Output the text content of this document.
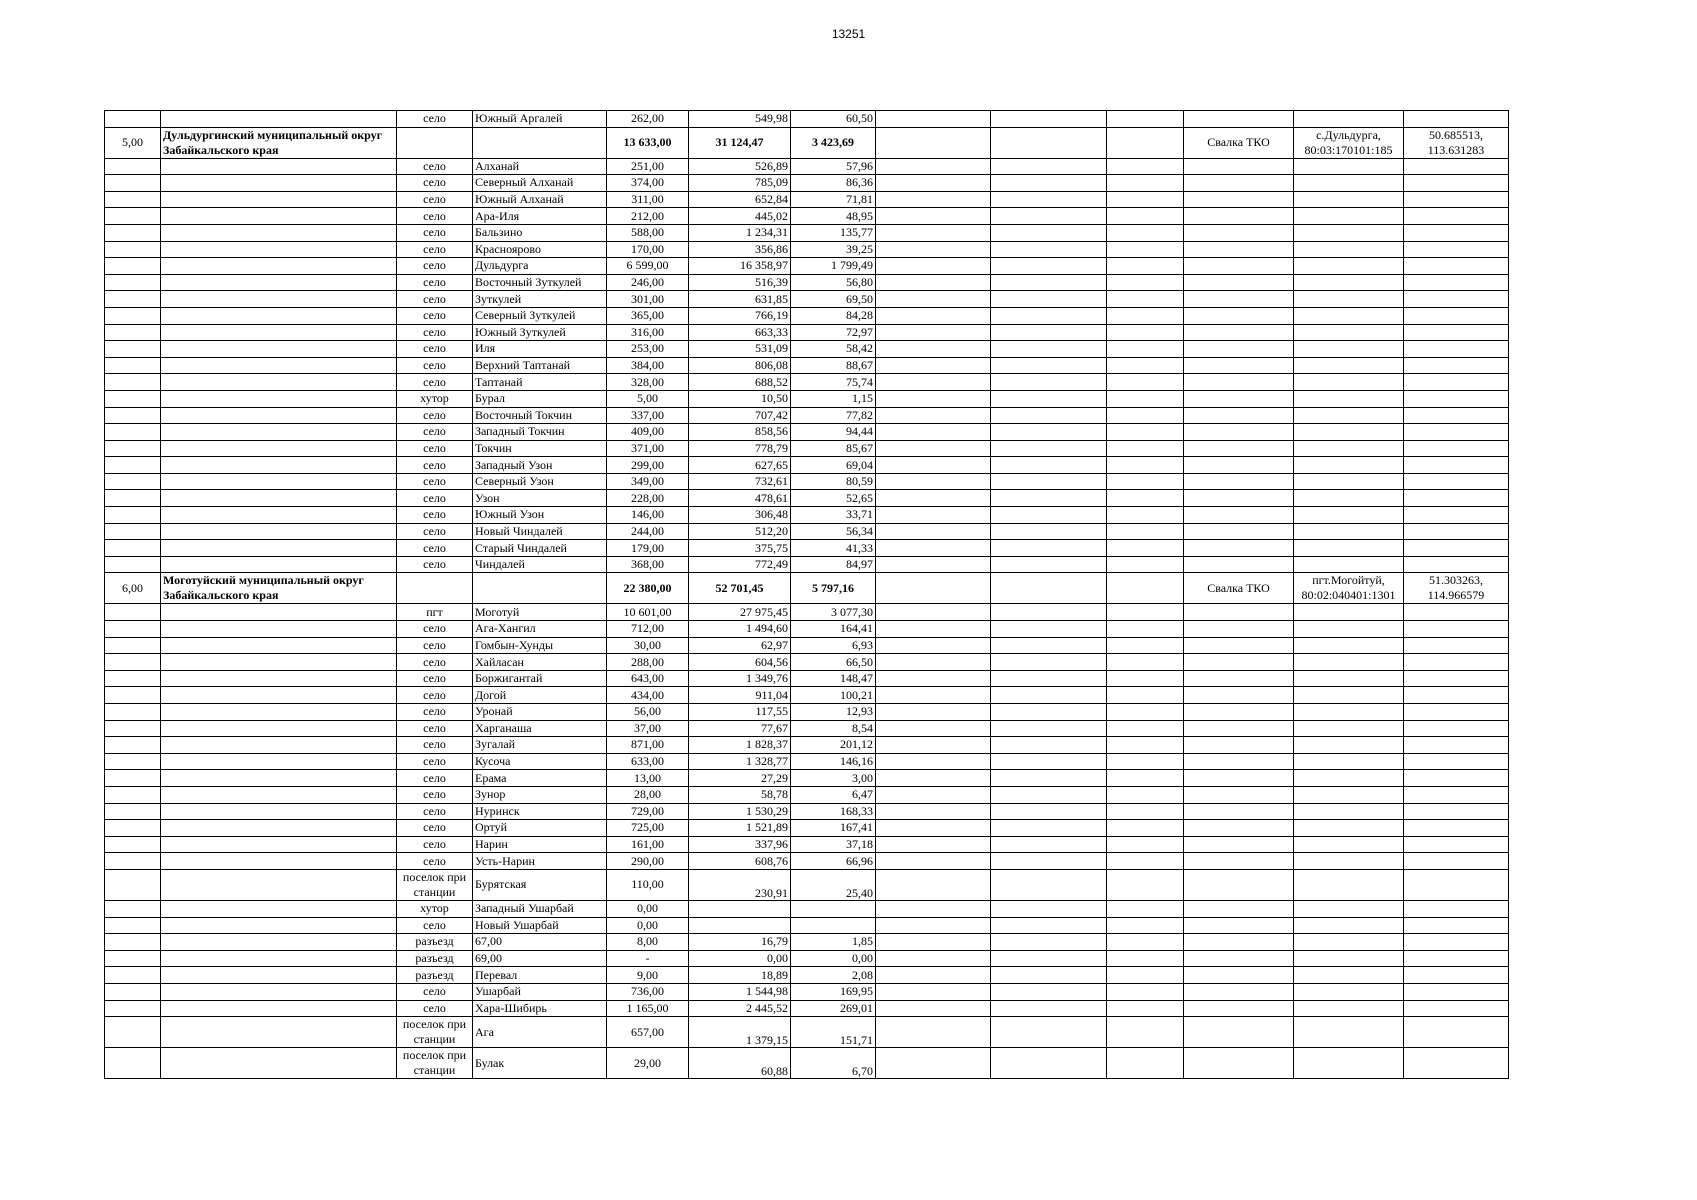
13251
		село	Южный Аргалей	262,00	549,98	60,50						
5,00	Дульдургинский муниципальный округ Забайкальского края			13 633,00	31 124,47	3 423,69				Свалка ТКО	с.Дульдурга, 80:03:170101:185	50.685513, 113.631283
		село	Алханай	251,00	526,89	57,96						
		село	Северный Алханай	374,00	785,09	86,36						
		село	Южный Алханай	311,00	652,84	71,81						
		село	Ара-Иля	212,00	445,02	48,95						
		село	Бальзино	588,00	1 234,31	135,77						
		село	Красноярово	170,00	356,86	39,25						
		село	Дульдурга	6 599,00	16 358,97	1 799,49						
		село	Восточный Зуткулей	246,00	516,39	56,80						
		село	Зуткулей	301,00	631,85	69,50						
		село	Северный Зуткулей	365,00	766,19	84,28						
		село	Южный Зуткулей	316,00	663,33	72,97						
		село	Иля	253,00	531,09	58,42						
		село	Верхний Таптанай	384,00	806,08	88,67						
		село	Таптанай	328,00	688,52	75,74						
		хутор	Бурал	5,00	10,50	1,15						
		село	Восточный Токчин	337,00	707,42	77,82						
		село	Западный Токчин	409,00	858,56	94,44						
		село	Токчин	371,00	778,79	85,67						
		село	Западный Узон	299,00	627,65	69,04						
		село	Северный Узон	349,00	732,61	80,59						
		село	Узон	228,00	478,61	52,65						
		село	Южный Узон	146,00	306,48	33,71						
		село	Новый Чиндалей	244,00	512,20	56,34						
		село	Старый Чиндалей	179,00	375,75	41,33						
		село	Чиндалей	368,00	772,49	84,97						
6,00	Моготуйский муниципальный округ Забайкальского края			22 380,00	52 701,45	5 797,16				Свалка ТКО	пгт.Могойтуй, 80:02:040401:1301	51.303263, 114.966579
		пгт	Моготуй	10 601,00	27 975,45	3 077,30						
		село	Ага-Хангил	712,00	1 494,60	164,41						
		село	Гомбын-Хунды	30,00	62,97	6,93						
		село	Хайласан	288,00	604,56	66,50						
		село	Боржигантай	643,00	1 349,76	148,47						
		село	Догой	434,00	911,04	100,21						
		село	Уронай	56,00	117,55	12,93						
		село	Харганаша	37,00	77,67	8,54						
		село	Зугалай	871,00	1 828,37	201,12						
		село	Кусоча	633,00	1 328,77	146,16						
		село	Ерама	13,00	27,29	3,00						
		село	Зунор	28,00	58,78	6,47						
		село	Нуринск	729,00	1 530,29	168,33						
		село	Ортуй	725,00	1 521,89	167,41						
		село	Нарин	161,00	337,96	37,18						
		село	Усть-Нарин	290,00	608,76	66,96						
		поселок при станции	Бурятская	110,00	230,91	25,40						
		хутор	Западный Ушарбай	0,00								
		село	Новый Ушарбай	0,00								
		разъезд	67,00	8,00	16,79	1,85						
		разъезд	69,00	-	0,00	0,00						
		разъезд	Перевал	9,00	18,89	2,08						
		село	Ушарбай	736,00	1 544,98	169,95						
		село	Хара-Шибирь	1 165,00	2 445,52	269,01						
		поселок при станции	Ага	657,00	1 379,15	151,71						
		поселок при станции	Булак	29,00	60,88	6,70						
